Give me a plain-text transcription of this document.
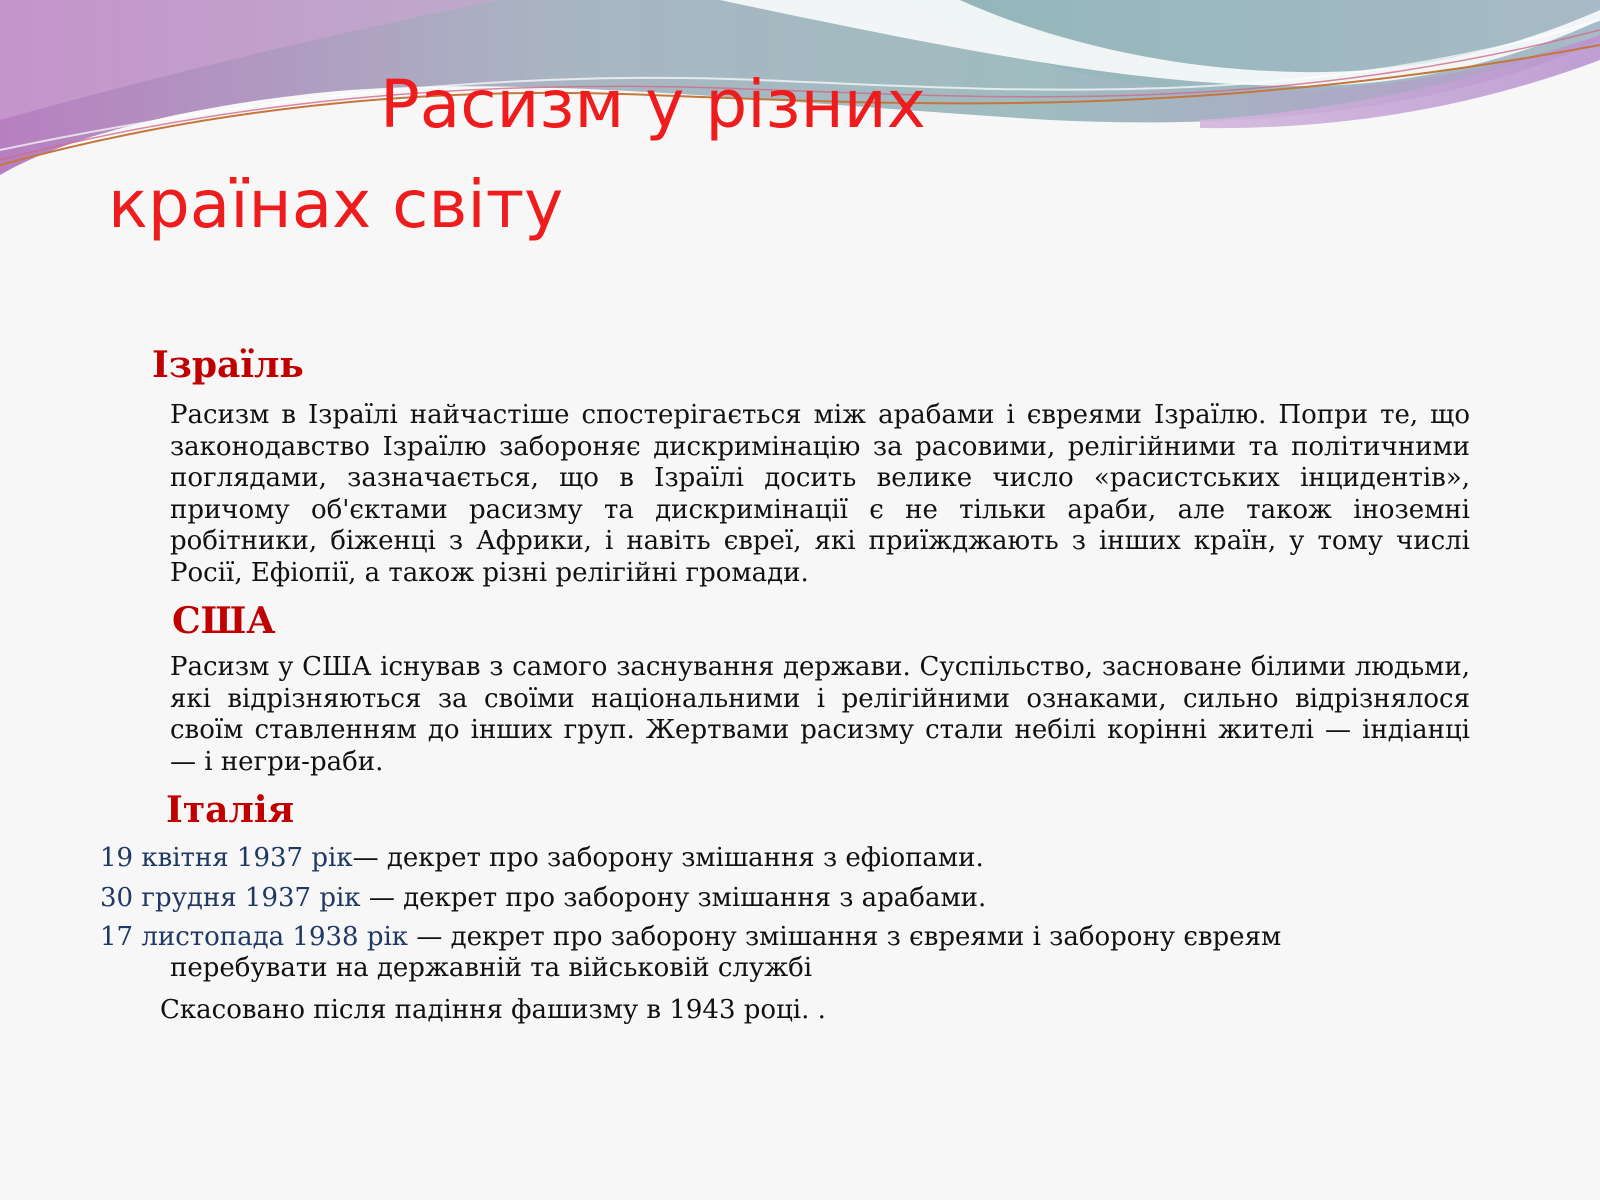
Расизм у різних
країнах світу
Ізраїль

Расизм в Ізраїлі найчастіше спостерігається між арабами і євреями Ізраїлю. Попри те, що законодавство Ізраїлю забороняє дискримінацію за расовими, релігійними та політичними поглядами, зазначається, що в Ізраїлі досить велике число «расистських інцидентів», причому об'єктами расизму та дискримінації є не тільки араби, але також іноземні робітники, біженці з Африки, і навіть євреї, які приїжджають з інших країн, у тому числі Росії, Ефіопії, а також різні релігійні громади.

США

Расизм у США існував з самого заснування держави. Суспільство, засноване білими людьми, які відрізняються за своїми національними і релігійними ознаками, сильно відрізнялося своїм ставленням до інших груп. Жертвами расизму стали небілі корінні жителі — індіанці — і негри-раби.

Італія
19 квітня 1937 рік— декрет про заборону змішання з ефіопами.
30 грудня 1937 рік — декрет про заборону змішання з арабами.
17 листопада 1938 рік — декрет про заборону змішання з євреями і заборону євреям
перебувати на державній та військовій службі
Скасовано після падіння фашизму в 1943 році. .
